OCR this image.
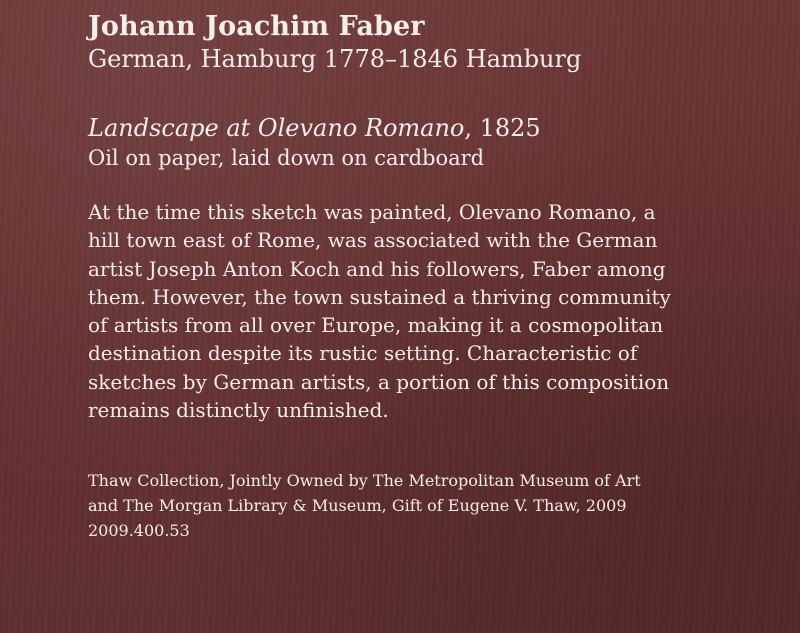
Johann Joachim Faber

German, Hamburg 1778–1846 Hamburg

Landscape at Olevano Romano, 1825

Oil on paper, laid down on cardboard

At the time this sketch was painted, Olevano Romano, a
hill town east of Rome, was associated with the German
artist Joseph Anton Koch and his followers, Faber among
them. However, the town sustained a thriving community
of artists from all over Europe, making it a cosmopolitan
destination despite its rustic setting. Characteristic of
sketches by German artists, a portion of this composition
remains distinctly unfinished.

Thaw Collection, Jointly Owned by The Metropolitan Museum of Art
and The Morgan Library & Museum, Gift of Eugene V. Thaw, 2009
2009.400.53
